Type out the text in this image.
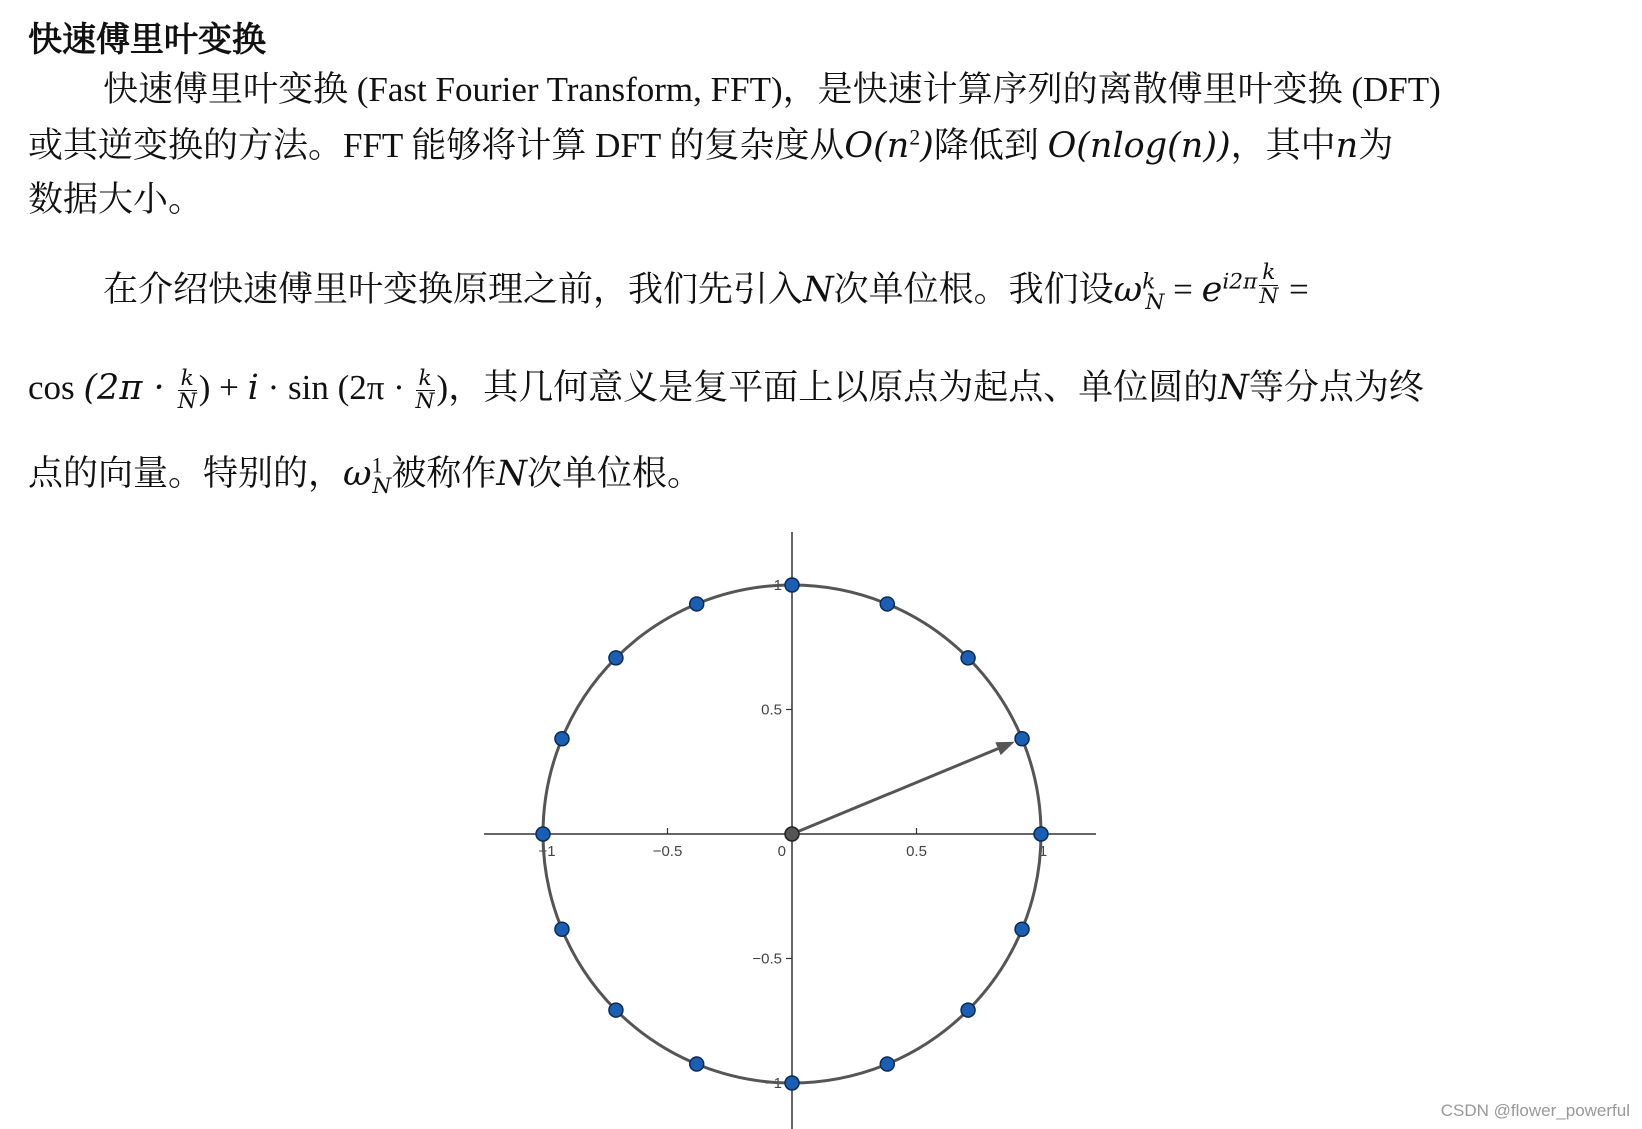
快速傅里叶变换
快速傅里叶变换 (Fast Fourier Transform, FFT)，是快速计算序列的离散傅里叶变换 (DFT)
或其逆变换的方法。FFT 能够将计算 DFT 的复杂度从$O(n^2)$降低到 O(nlog(n))，其中n为
数据大小。
在介绍快速傅里叶变换原理之前，我们先引入N次单位根。我们设$\omega^k_N = e^{i2\pi} \frac{k}{N}$ =
$\cos (2\pi \cdot \frac{k}{N}$ ) + $i \cdot \sin (2\pi \cdot \frac{k}{N}$ )，其几何意义是复平面上以原点为起点、单位圆的N等分点为终
点的向量。特别的，$\omega^1_N$被称作N次单位根。
−0.5	0	0.5
−1	1
0.5
−0.5
1
−1
CSDN @flower_powerful
